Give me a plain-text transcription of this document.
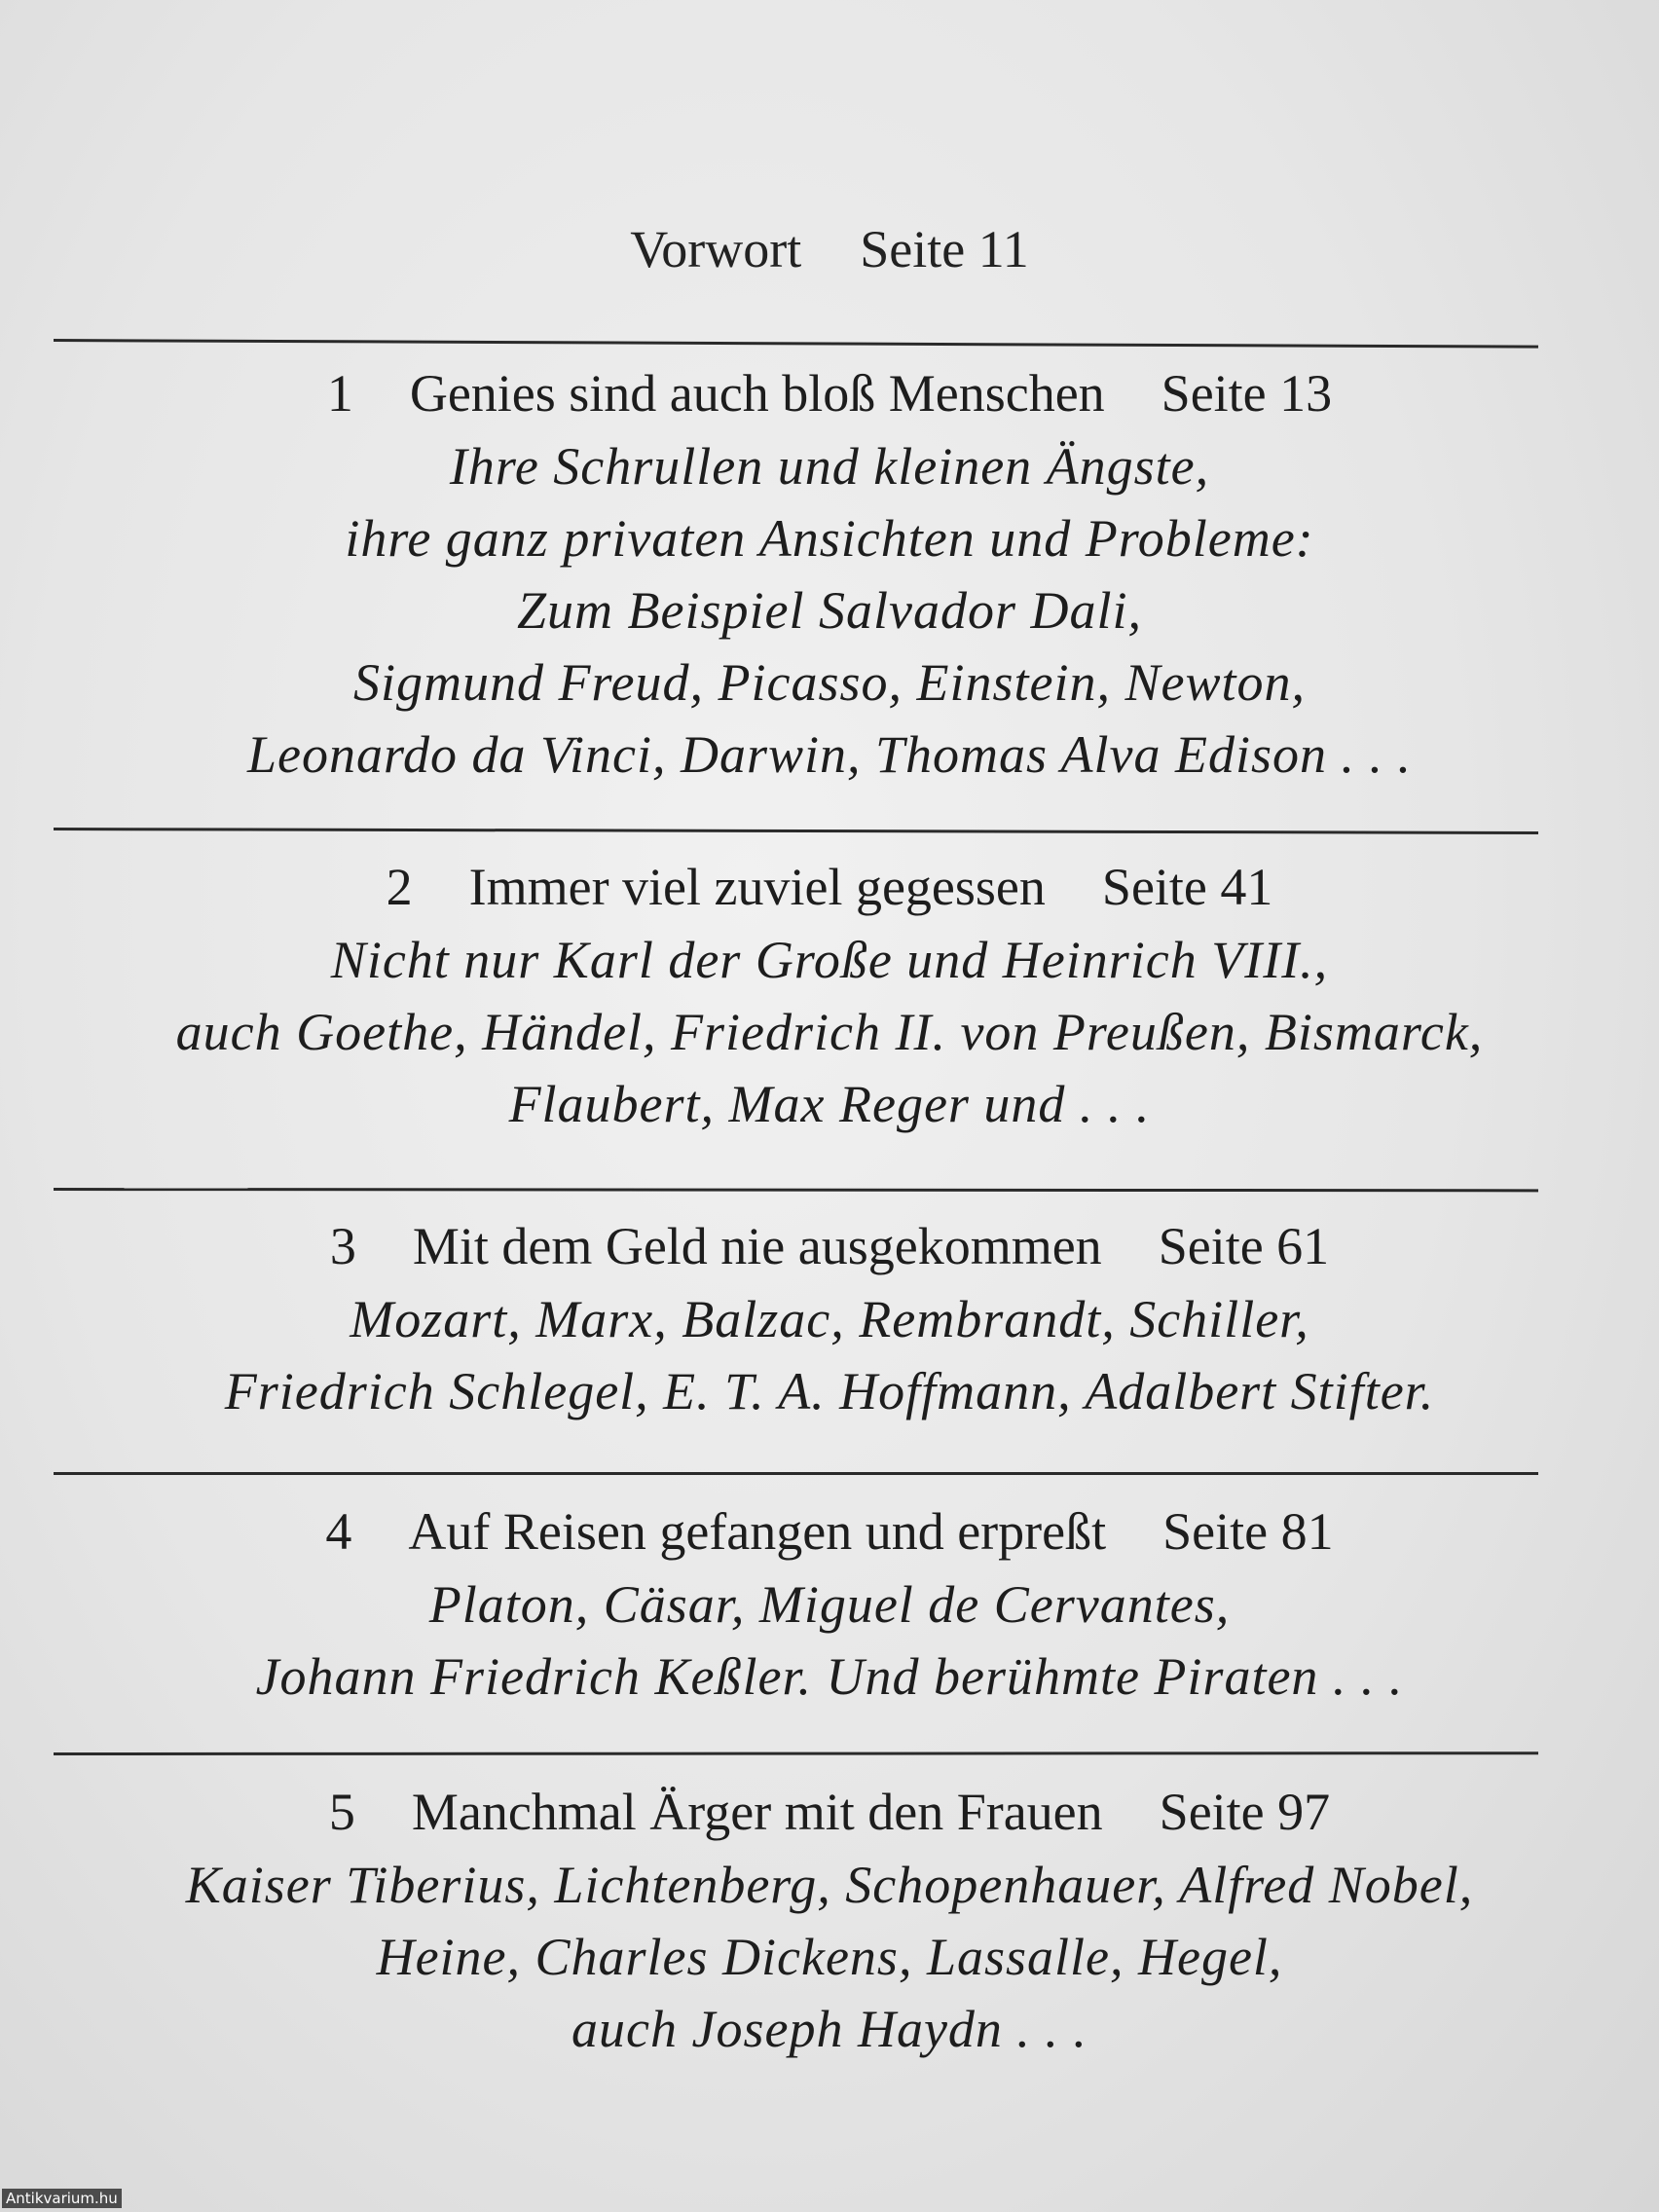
Vorwort Seite 11
1 Genies sind auch bloß Menschen Seite 13
Ihre Schrullen und kleinen Ängste,
ihre ganz privaten Ansichten und Probleme:
Zum Beispiel Salvador Dali,
Sigmund Freud, Picasso, Einstein, Newton,
Leonardo da Vinci, Darwin, Thomas Alva Edison . . .
2 Immer viel zuviel gegessen Seite 41
Nicht nur Karl der Große und Heinrich VIII.,
auch Goethe, Händel, Friedrich II. von Preußen, Bismarck,
Flaubert, Max Reger und . . .
3 Mit dem Geld nie ausgekommen Seite 61
Mozart, Marx, Balzac, Rembrandt, Schiller,
Friedrich Schlegel, E. T. A. Hoffmann, Adalbert Stifter.
4 Auf Reisen gefangen und erpreßt Seite 81
Platon, Cäsar, Miguel de Cervantes,
Johann Friedrich Keßler. Und berühmte Piraten . . .
5 Manchmal Ärger mit den Frauen Seite 97
Kaiser Tiberius, Lichtenberg, Schopenhauer, Alfred Nobel,
Heine, Charles Dickens, Lassalle, Hegel,
auch Joseph Haydn . . .
Antikvarium.hu
